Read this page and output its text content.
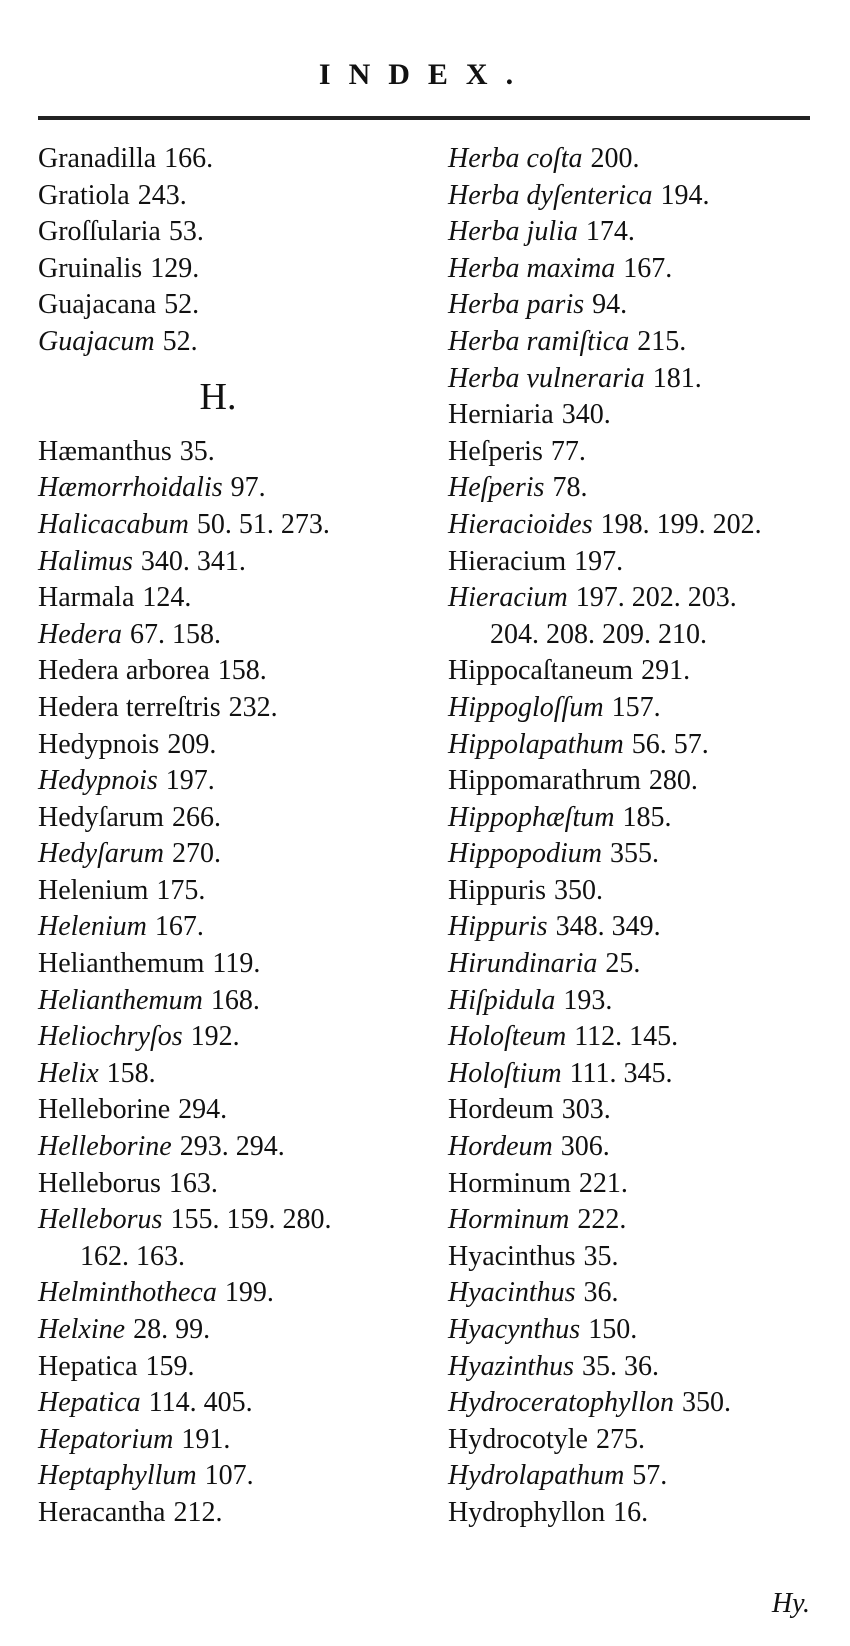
INDEX.
Granadilla 166.
Gratiola 243.
Groſſularia 53.
Gruinalis 129.
Guajacana 52.
Guajacum 52.
H.
Hæmanthus 35.
Hæmorrhoidalis 97.
Halicacabum 50. 51. 273.
Halimus 340. 341.
Harmala 124.
Hedera 67. 158.
Hedera arborea 158.
Hedera terreſtris 232.
Hedypnois 209.
Hedypnois 197.
Hedyſarum 266.
Hedyſarum 270.
Helenium 175.
Helenium 167.
Helianthemum 119.
Helianthemum 168.
Heliochryſos 192.
Helix 158.
Helleborine 294.
Helleborine 293. 294.
Helleborus 163.
Helleborus 155. 159. 280.
162. 163.
Helminthotheca 199.
Helxine 28. 99.
Hepatica 159.
Hepatica 114. 405.
Hepatorium 191.
Heptaphyllum 107.
Heracantha 212.
Herba coſta 200.
Herba dyſenterica 194.
Herba julia 174.
Herba maxima 167.
Herba paris 94.
Herba ramiſtica 215.
Herba vulneraria 181.
Herniaria 340.
Heſperis 77.
Heſperis 78.
Hieracioides 198. 199. 202.
Hieracium 197.
Hieracium 197. 202. 203.
204. 208. 209. 210.
Hippocaſtaneum 291.
Hippogloſſum 157.
Hippolapathum 56. 57.
Hippomarathrum 280.
Hippophæſtum 185.
Hippopodium 355.
Hippuris 350.
Hippuris 348. 349.
Hirundinaria 25.
Hiſpidula 193.
Holoſteum 112. 145.
Holoſtium 111. 345.
Hordeum 303.
Hordeum 306.
Horminum 221.
Horminum 222.
Hyacinthus 35.
Hyacinthus 36.
Hyacynthus 150.
Hyazinthus 35. 36.
Hydroceratophyllon 350.
Hydrocotyle 275.
Hydrolapathum 57.
Hydrophyllon 16.
Hy.
